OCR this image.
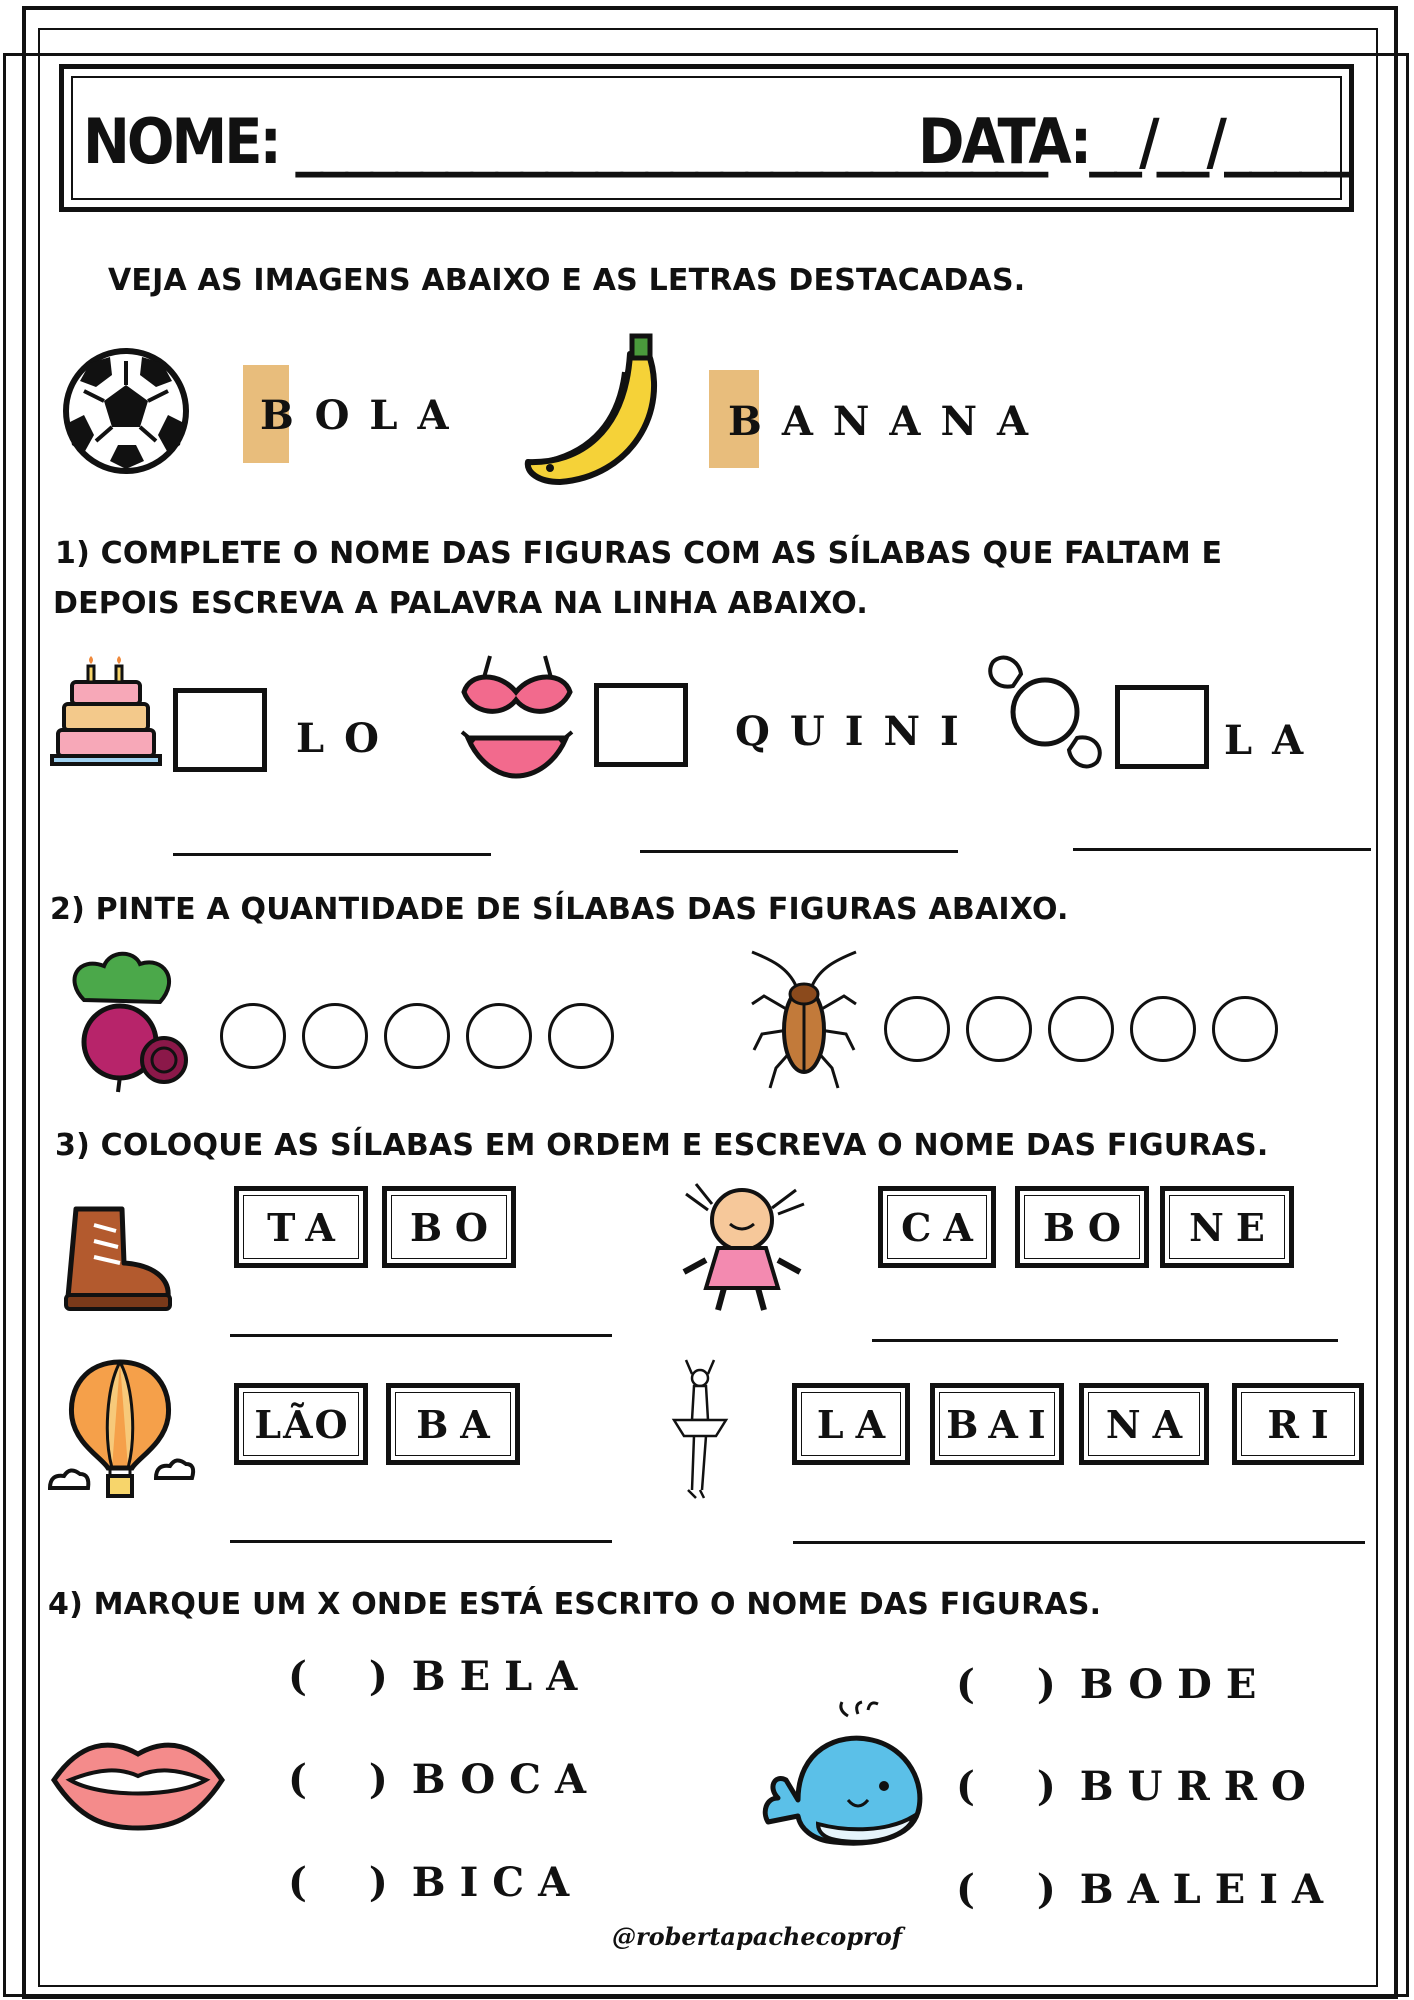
NOME: ______________________________
DATA:__/__/_____
VEJA AS IMAGENS ABAIXO E AS LETRAS DESTACADAS.
BOLA	BANANA
1) COMPLETE O NOME DAS FIGURAS COM AS SÍLABAS QUE FALTAM E
DEPOIS ESCREVA A PALAVRA NA LINHA ABAIXO.
LO	QUINI	LA
2) PINTE A QUANTIDADE DE SÍLABAS DAS FIGURAS ABAIXO.
3) COLOQUE AS SÍLABAS EM ORDEM E ESCREVA O NOME DAS FIGURAS.
TA	BO	CA	BO	NE
LÃO	BA	LA BAI	NA	RI
4) MARQUE UM X ONDE ESTÁ ESCRITO O NOME DAS FIGURAS.
( )BELA
( )BOCA
( )BICA
( )BODE
( )BURRO
( )BALEIA
@robertapachecoprof
